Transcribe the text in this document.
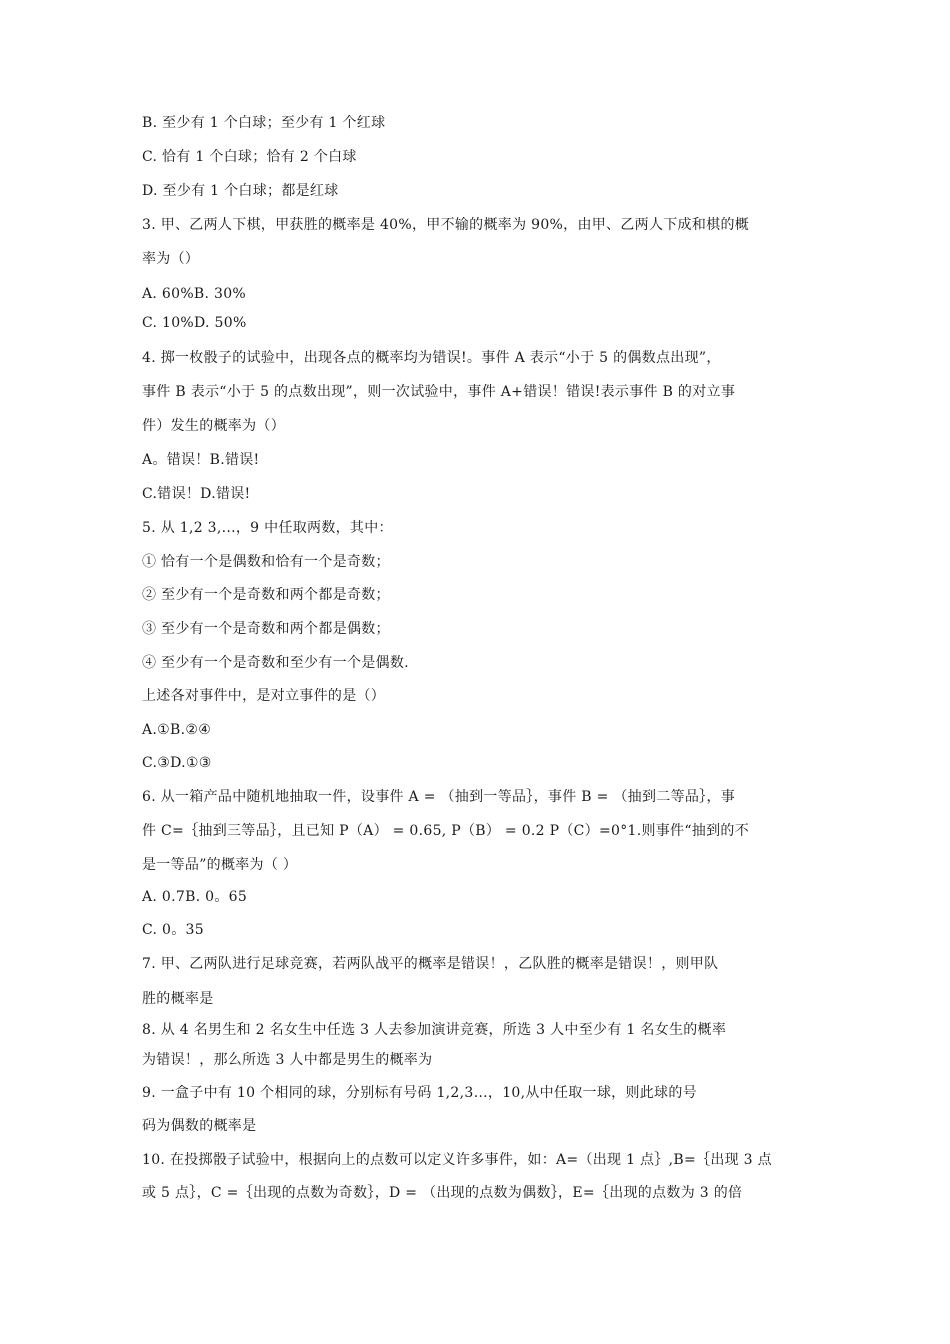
B. 至少有 1 个白球；至少有 1 个红球
C. 恰有 1 个白球；恰有 2 个白球
D. 至少有 1 个白球；都是红球
3. 甲、乙两人下棋，甲获胜的概率是 40%，甲不输的概率为 90%，由甲、乙两人下成和棋的概
率为（）
A. 60%B. 30%
C. 10%D. 50%
4. 掷一枚骰子的试验中，出现各点的概率均为错误!。事件 A 表示“小于 5 的偶数点出现”，
事件 B 表示“小于 5 的点数出现”，则一次试验中，事件 A+错误！错误!表示事件 B 的对立事
件）发生的概率为（）
A。错误！B.错误!
C.错误！D.错误!
5. 从 1,2 3,...，9 中任取两数，其中：
① 恰有一个是偶数和恰有一个是奇数；
② 至少有一个是奇数和两个都是奇数；
③ 至少有一个是奇数和两个都是偶数；
④ 至少有一个是奇数和至少有一个是偶数.
上述各对事件中，是对立事件的是（）
A.①B.②④
C.③D.①③
6. 从一箱产品中随机地抽取一件，设事件 A = （抽到一等品｝，事件 B = （抽到二等品｝，事
件 C=｛抽到三等品｝，且已知 P（A） = 0.65, P（B） = 0.2 P（C）=0°1.则事件“抽到的不
是一等品”的概率为（ ）
A. 0.7B. 0。65
C. 0。35
7. 甲、乙两队进行足球竞赛，若两队战平的概率是错误！，乙队胜的概率是错误！，则甲队
胜的概率是
8. 从 4 名男生和 2 名女生中任选 3 人去参加演讲竞赛，所选 3 人中至少有 1 名女生的概率
为错误！，那么所选 3 人中都是男生的概率为
9. 一盒子中有 10 个相同的球，分别标有号码 1,2,3…，10,从中任取一球，则此球的号
码为偶数的概率是
10. 在投掷骰子试验中，根据向上的点数可以定义许多事件，如：A=（出现 1 点｝,B=｛出现 3 点
或 5 点｝，C =｛出现的点数为奇数｝，D = （出现的点数为偶数｝，E=｛出现的点数为 3 的倍
